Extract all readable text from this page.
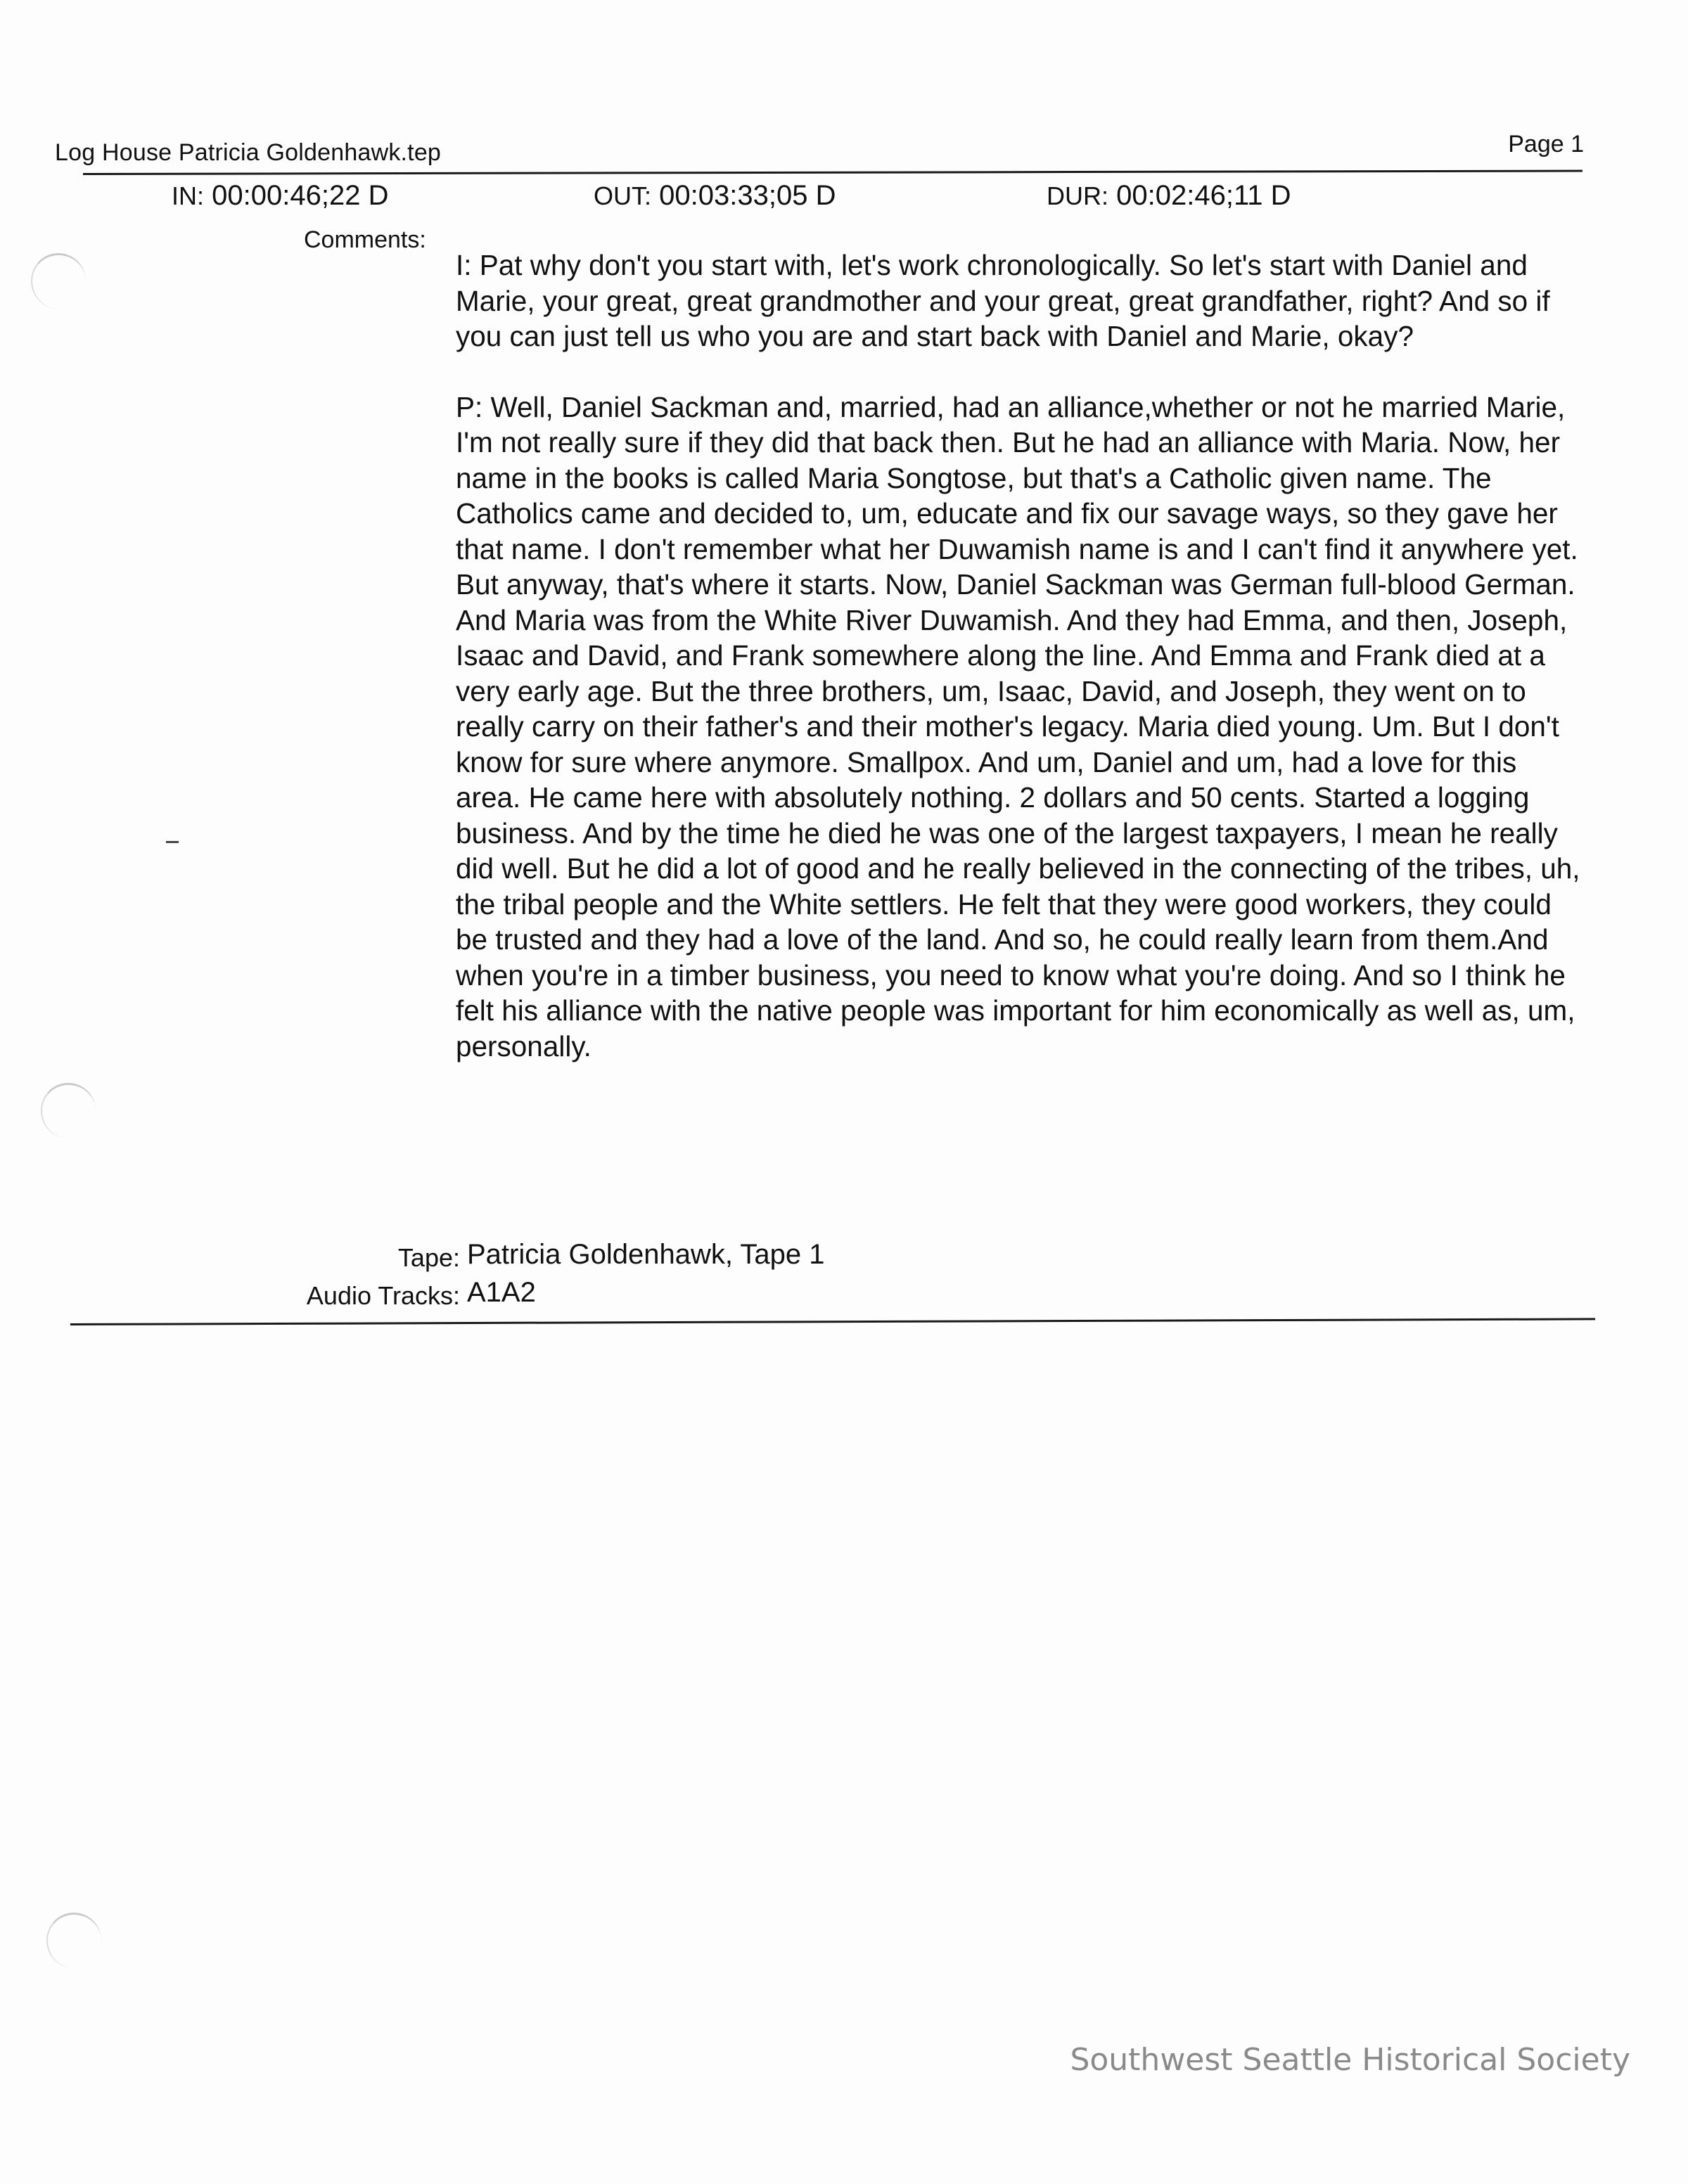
Log House Patricia Goldenhawk.tep	Page 1
IN: 00:00:46;22 D	OUT: 00:03:33;05 D	DUR: 00:02:46;11 D
Comments:

I: Pat why don't you start with, let's work chronologically. So let's start with Daniel and Marie, your great, great grandmother and your great, great grandfather, right? And so if you can just tell us who you are and start back with Daniel and Marie, okay?

P: Well, Daniel Sackman and, married, had an alliance,whether or not he married Marie, I'm not really sure if they did that back then. But he had an alliance with Maria. Now, her name in the books is called Maria Songtose, but that's a Catholic given name. The Catholics came and decided to, um, educate and fix our savage ways, so they gave her that name. I don't remember what her Duwamish name is and I can't find it anywhere yet. But anyway, that's where it starts. Now, Daniel Sackman was German full-blood German. And Maria was from the White River Duwamish. And they had Emma, and then, Joseph, Isaac and David, and Frank somewhere along the line. And Emma and Frank died at a very early age. But the three brothers, um, Isaac, David, and Joseph, they went on to really carry on their father's and their mother's legacy. Maria died young. Um. But I don't know for sure where anymore. Smallpox. And um, Daniel and um, had a love for this area. He came here with absolutely nothing. 2 dollars and 50 cents. Started a logging business. And by the time he died he was one of the largest taxpayers, I mean he really did well. But he did a lot of good and he really believed in the connecting of the tribes, uh, the tribal people and the White settlers. He felt that they were good workers, they could be trusted and they had a love of the land. And so, he could really learn from them.And when you're in a timber business, you need to know what you're doing. And so I think he felt his alliance with the native people was important for him economically as well as, um, personally.

Tape: Patricia Goldenhawk, Tape 1
Audio Tracks: A1A2
Southwest Seattle Historical Society
